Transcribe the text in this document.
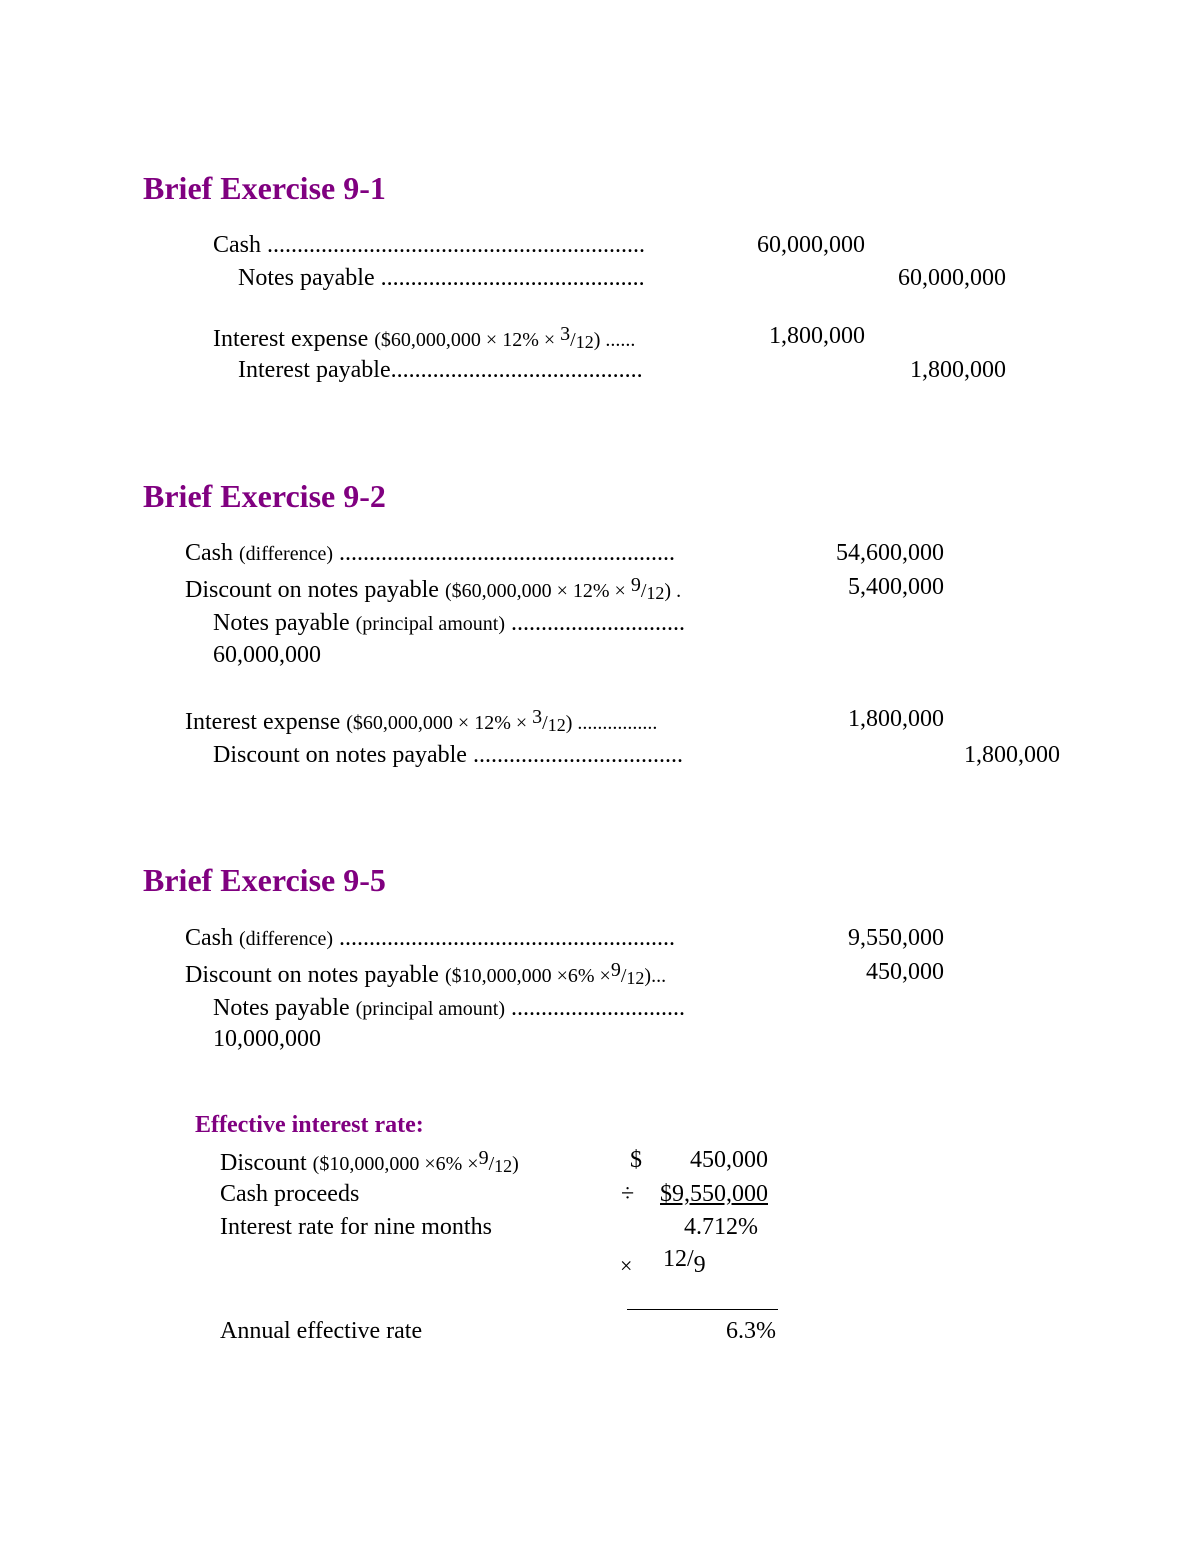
Brief Exercise 9-1
Cash ...............................................................	60,000,000
Notes payable ............................................	60,000,000
Interest expense ($60,000,000 × $12\% \times ^3/_{12}$) ......	1,800,000
Interest payable..........................................	1,800,000
Brief Exercise 9-2
Cash (difference) ........................................................	54,600,000
Discount on notes payable ($60,000,000 × $12\% \times ^9/_{12}$) .	5,400,000
Notes payable (principal amount) .............................
60,000,000
Interest expense ($60,000,000 × $12\% \times ^3/_{12}$) ................	1,800,000
Discount on notes payable ...................................	1,800,000
Brief Exercise 9-5
Cash (difference) ........................................................	9,550,000
Discount on notes payable ($10,000,000 $\times 6\% \times^9/_{12}$)...	450,000
Notes payable (principal amount) .............................
10,000,000
Effective interest rate:
Discount ($10,000,000 $\times 6\% \times^9/_{12}$)	$ 450,000
Cash proceeds	÷ $9,550,000
Interest rate for nine months	4.712%
× 12/9
Annual effective rate	6.3%
